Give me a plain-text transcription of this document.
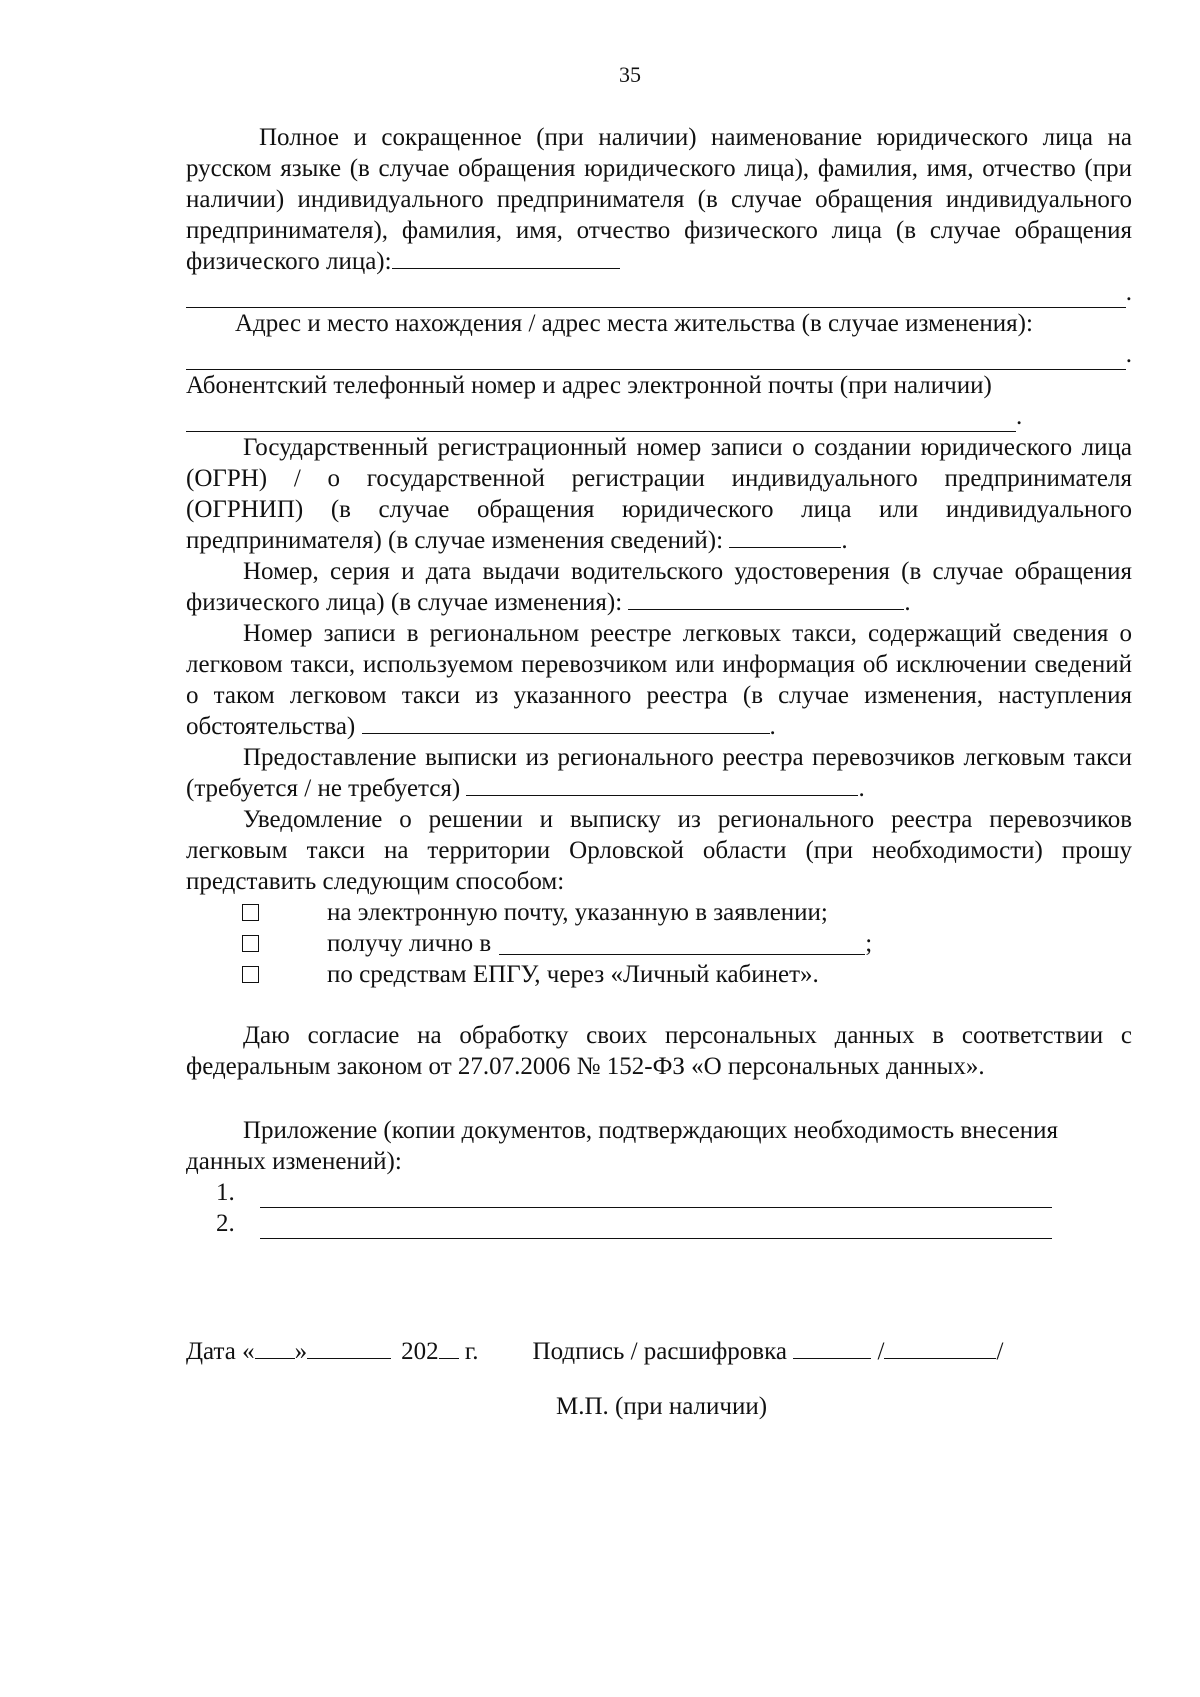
35

Полное и сокращенное (при наличии) наименование юридического лица на русском языке (в случае обращения юридического лица), фамилия, имя, отчество (при наличии) индивидуального предпринимателя (в случае обращения индивидуального предпринимателя), фамилия, имя, отчество физического лица (в случае обращения физического лица):

.

Адрес и место нахождения / адрес места жительства (в случае изменения):

.

Абонентский телефонный номер и адрес электронной почты (при наличии)

.

Государственный регистрационный номер записи о создании юридического лица (ОГРН) / о государственной регистрации индивидуального предпринимателя (ОГРНИП) (в случае обращения юридического лица или индивидуального предпринимателя) (в случае изменения сведений):	.

Номер, серия и дата выдачи водительского удостоверения (в случае обращения физического лица) (в случае изменения):	.

Номер записи в региональном реестре легковых такси, содержащий сведения о легковом такси, используемом перевозчиком или информация об исключении сведений о таком легковом такси из указанного реестра (в случае изменения, наступления обстоятельства)	.

Предоставление выписки из регионального реестра перевозчиков легковым такси (требуется / не требуется)	.

Уведомление о решении и выписку из регионального реестра перевозчиков легковым такси на территории Орловской области (при необходимости) прошу представить следующим способом:

на электронную почту, указанную в заявлении;
получу лично в	;
по средствам ЕПГУ, через «Личный кабинет».

Даю согласие на обработку своих персональных данных в соответствии с федеральным законом от 27.07.2006 № 152-ФЗ «О персональных данных».

Приложение (копии документов, подтверждающих необходимость внесения данных изменений):

1.
2.
Дата « »	202 г. Подпись / расшифровка	/	/
М.П. (при наличии)
